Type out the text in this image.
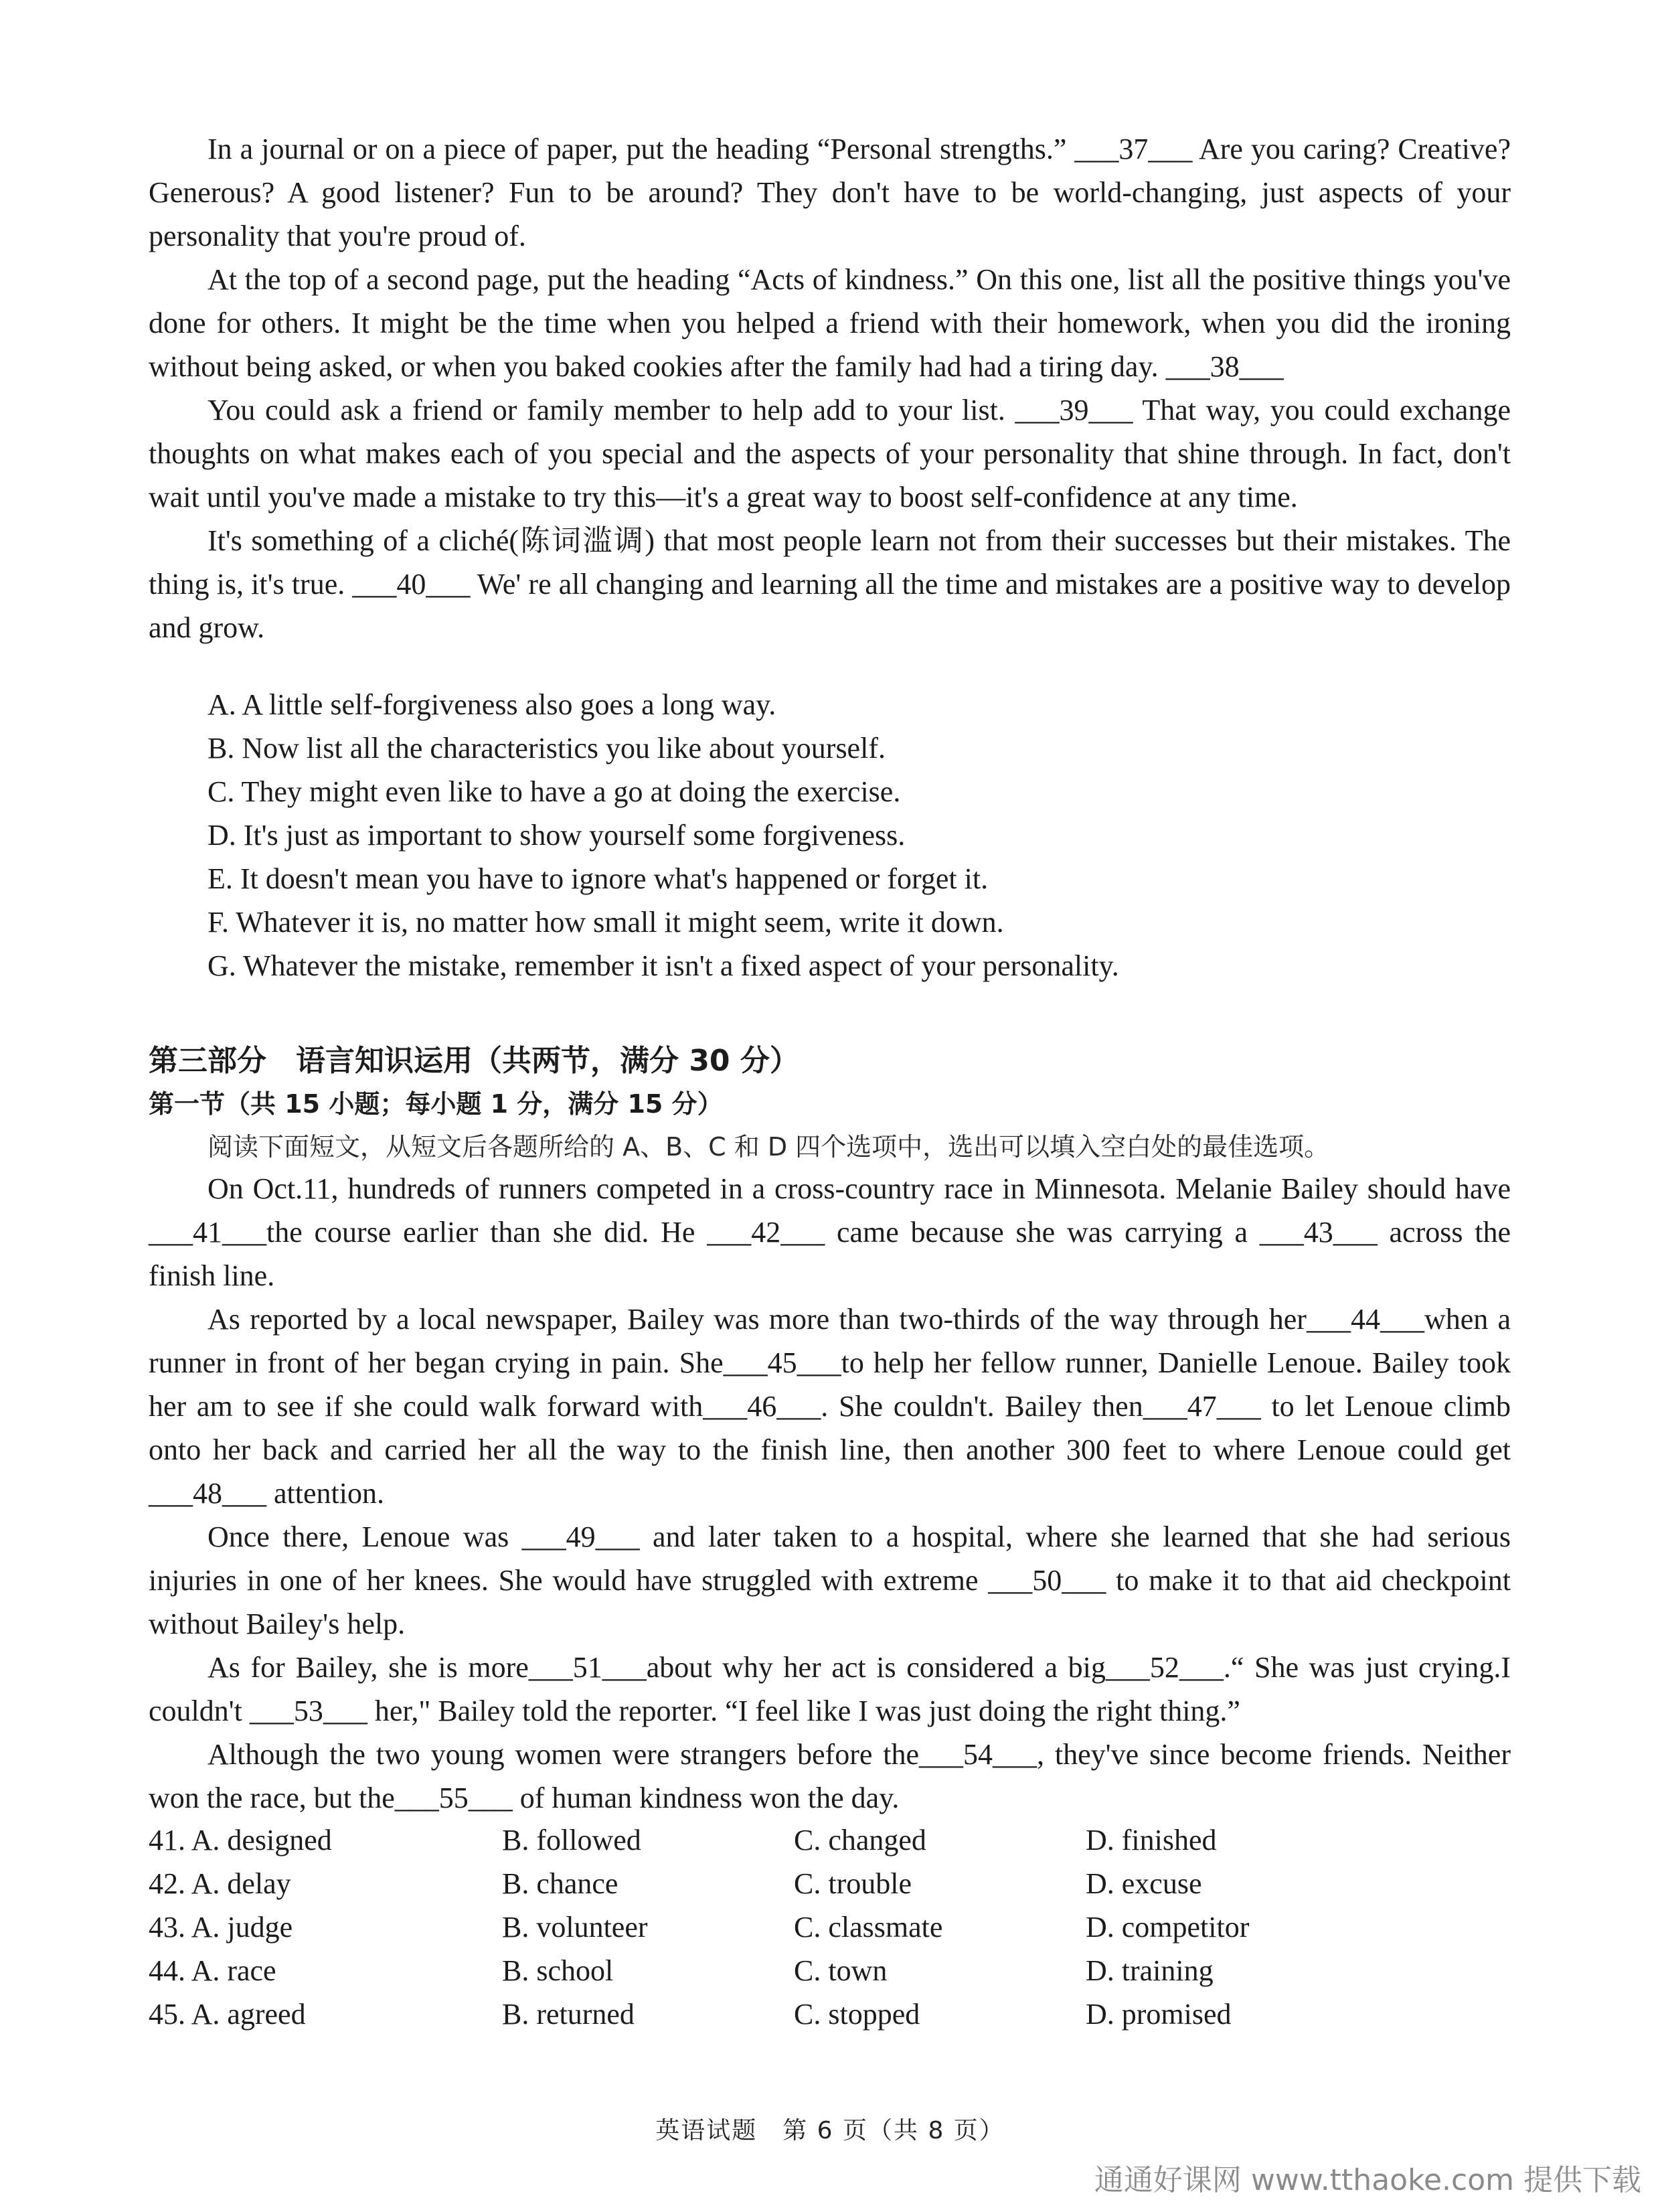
In a journal or on a piece of paper, put the heading “Personal strengths.” ___37___ Are you caring? Creative? Generous? A good listener? Fun to be around? They don't have to be world-changing, just aspects of your personality that you're proud of.

At the top of a second page, put the heading “Acts of kindness.” On this one, list all the positive things you've done for others. It might be the time when you helped a friend with their homework, when you did the ironing without being asked, or when you baked cookies after the family had had a tiring day. ___38___

You could ask a friend or family member to help add to your list. ___39___ That way, you could exchange thoughts on what makes each of you special and the aspects of your personality that shine through. In fact, don't wait until you've made a mistake to try this—it's a great way to boost self-confidence at any time.

It's something of a cliché(陈词滥调) that most people learn not from their successes but their mistakes. The thing is, it's true. ___40___ We' re all changing and learning all the time and mistakes are a positive way to develop and grow.

A. A little self-forgiveness also goes a long way.
B. Now list all the characteristics you like about yourself.
C. They might even like to have a go at doing the exercise.
D. It's just as important to show yourself some forgiveness.
E. It doesn't mean you have to ignore what's happened or forget it.
F. Whatever it is, no matter how small it might seem, write it down.
G. Whatever the mistake, remember it isn't a fixed aspect of your personality.
第三部分　语言知识运用（共两节，满分 30 分）
第一节（共 15 小题；每小题 1 分，满分 15 分）
阅读下面短文，从短文后各题所给的 A、B、C 和 D 四个选项中，选出可以填入空白处的最佳选项。

On Oct.11, hundreds of runners competed in a cross-country race in Minnesota. Melanie Bailey should have ___41___the course earlier than she did. He ___42___ came because she was carrying a ___43___ across the finish line.

As reported by a local newspaper, Bailey was more than two-thirds of the way through her___44___when a runner in front of her began crying in pain. She___45___to help her fellow runner, Danielle Lenoue. Bailey took her am to see if she could walk forward with___46___. She couldn't. Bailey then___47___ to let Lenoue climb onto her back and carried her all the way to the finish line, then another 300 feet to where Lenoue could get ___48___ attention.

Once there, Lenoue was ___49___ and later taken to a hospital, where she learned that she had serious injuries in one of her knees. She would have struggled with extreme ___50___ to make it to that aid checkpoint without Bailey's help.

As for Bailey, she is more___51___about why her act is considered a big___52___.“ She was just crying.I couldn't ___53___ her," Bailey told the reporter. “I feel like I was just doing the right thing.”

Although the two young women were strangers before the___54___, they've since become friends. Neither won the race, but the___55___ of human kindness won the day.

41. A. designed	B. followed	C. changed	D. finished
42. A. delay	B. chance	C. trouble	D. excuse
43. A. judge	B. volunteer	C. classmate	D. competitor
44. A. race	B. school	C. town	D. training
45. A. agreed	B. returned	C. stopped	D. promised
英语试题　第 6 页（共 8 页）
通通好课网 www.tthaoke.com 提供下载
